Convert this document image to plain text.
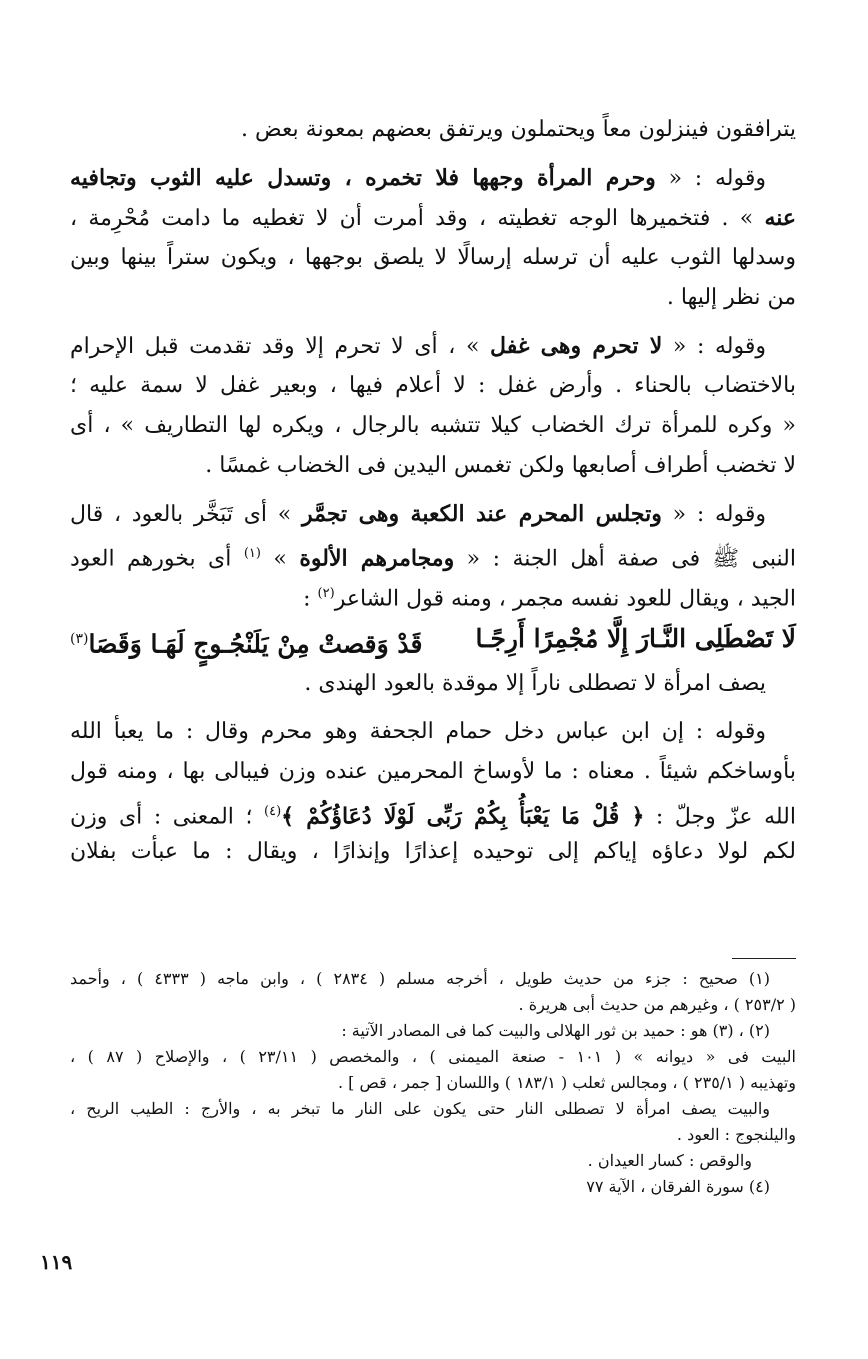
يترافقون فينزلون معاً ويحتملون ويرتفق بعضهم بمعونة بعض .
وقوله : « وحرم المرأة وجهها فلا تخمره ، وتسدل عليه الثوب وتجافيه
عنه » . فتخميرها الوجه تغطيته ، وقد أمرت أن لا تغطيه ما دامت مُحْرِمة ،
وسدلها الثوب عليه أن ترسله إرسالًا لا يلصق بوجهها ، ويكون ستراً بينها وبين
من نظر إليها .
وقوله : « لا تحرم وهى غفل » ، أى لا تحرم إلا وقد تقدمت قبل الإحرام
بالاختضاب بالحناء . وأرض غفل : لا أعلام فيها ، وبعير غفل لا سمة عليه ؛
« وكره للمرأة ترك الخضاب كيلا تتشبه بالرجال ، ويكره لها التطاريف » ، أى
لا تخضب أطراف أصابعها ولكن تغمس اليدين فى الخضاب غمسًا .
وقوله : « وتجلس المحرم عند الكعبة وهى تجمَّر » أى تَبَخَّر بالعود ، قال
النبى ﷺ فى صفة أهل الجنة : « ومجامرهم الألوة » $^{(١)}$ أى بخورهم العود
الجيد ، ويقال للعود نفسه مجمر ، ومنه قول الشاعر$^{(٢)}$ :
لَا تَصْطَلِى النَّـارَ إِلَّا مُجْمِرًا أَرِجًـا
قَدْ وَقصتْ مِنْ يَلَنْجُـوجٍ لَهَـا وَقَصَا$^{(٣)}$
يصف امرأة لا تصطلى ناراً إلا موقدة بالعود الهندى .
وقوله : إن ابن عباس دخل حمام الجحفة وهو محرم وقال : ما يعبأ الله
بأوساخكم شيئاً . معناه : ما لأوساخ المحرمين عنده وزن فيبالى بها ، ومنه قول
الله عزّ وجلّ : ﴿ قُلْ مَا يَعْبَأُ بِكُمْ رَبِّى لَوْلَا دُعَاؤُكُمْ ﴾$^{(٤)}$ ؛ المعنى : أى وزن
لكم لولا دعاؤه إياكم إلى توحيده إعذارًا وإنذارًا ، ويقال : ما عبأت بفلان
(١) صحيح : جزء من حديث طويل ، أخرجه مسلم ( ٢٨٣٤ ) ، وابن ماجه ( ٤٣٣٣ ) ، وأحمد
( ٢٥٣/٢ ) ، وغيرهم من حديث أبى هريرة .
(٢) ، (٣) هو : حميد بن ثور الهلالى والبيت كما فى المصادر الآتية :
البيت فى « ديوانه » ( ١٠١ - صنعة الميمنى ) ، والمخصص ( ٢٣/١١ ) ، والإصلاح ( ٨٧ ) ،
وتهذيبه ( ٢٣٥/١ ) ، ومجالس ثعلب ( ١٨٣/١ ) واللسان [ جمر ، قص ] .
والبيت يصف امرأة لا تصطلى النار حتى يكون على النار ما تبخر به ، والأرج : الطيب الريح ،
واليلنجوج : العود .
والوقص : كسار العيدان .
(٤) سورة الفرقان ، الآية ٧٧
١١٩
